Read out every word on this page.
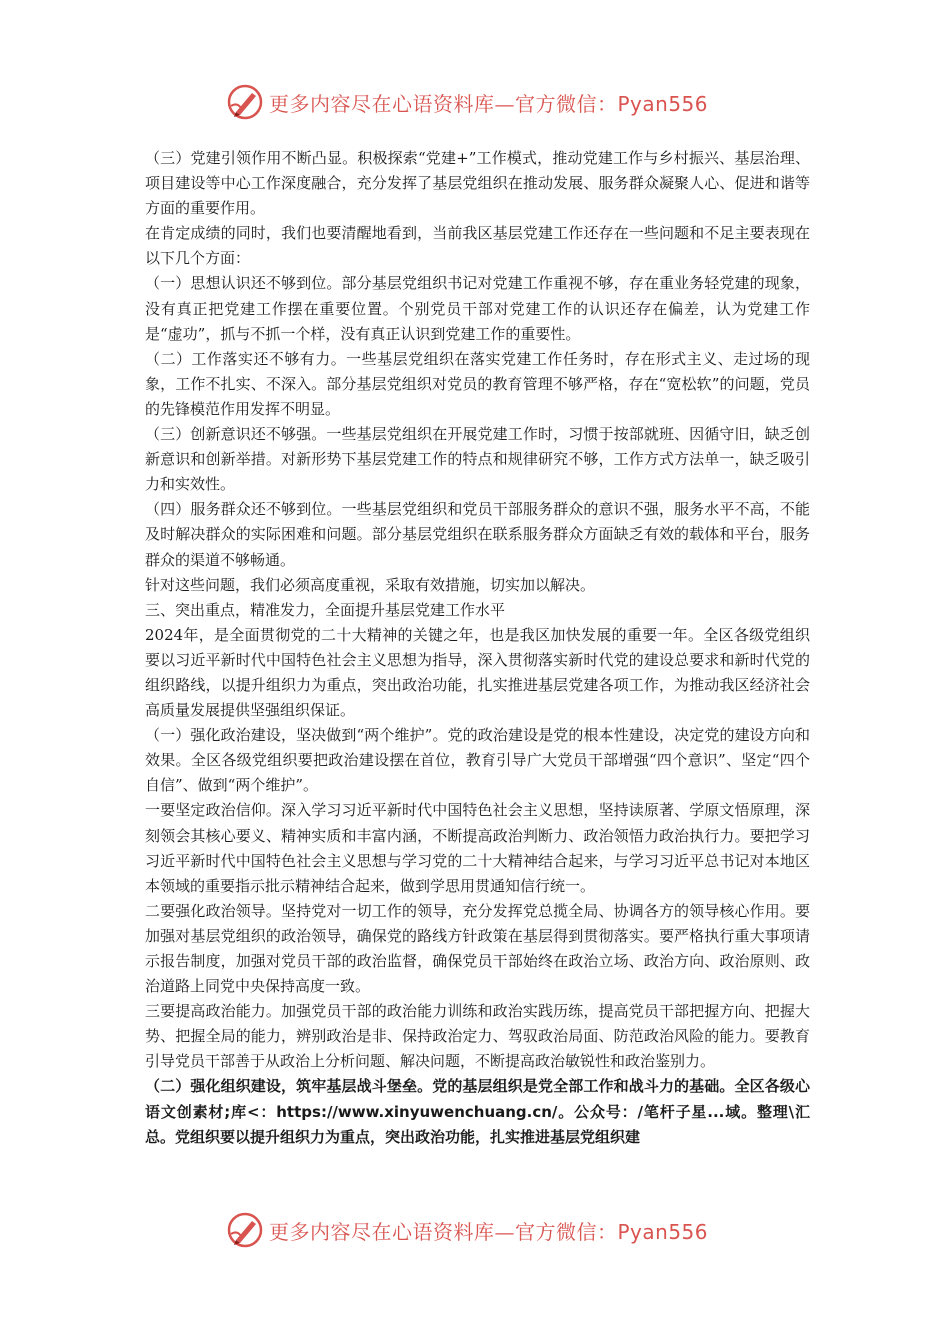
更多内容尽在心语资料库—官方微信：Pyan556

（三）党建引领作用不断凸显。积极探索“党建+”工作模式，推动党建工作与乡村振兴、基层治理、项目建设等中心工作深度融合，充分发挥了基层党组织在推动发展、服务群众凝聚人心、促进和谐等方面的重要作用。

在肯定成绩的同时，我们也要清醒地看到，当前我区基层党建工作还存在一些问题和不足主要表现在以下几个方面：

（一）思想认识还不够到位。部分基层党组织书记对党建工作重视不够，存在重业务轻党建的现象，没有真正把党建工作摆在重要位置。个别党员干部对党建工作的认识还存在偏差，认为党建工作是“虚功”，抓与不抓一个样，没有真正认识到党建工作的重要性。

（二）工作落实还不够有力。一些基层党组织在落实党建工作任务时，存在形式主义、走过场的现象，工作不扎实、不深入。部分基层党组织对党员的教育管理不够严格，存在“宽松软”的问题，党员的先锋模范作用发挥不明显。

（三）创新意识还不够强。一些基层党组织在开展党建工作时，习惯于按部就班、因循守旧，缺乏创新意识和创新举措。对新形势下基层党建工作的特点和规律研究不够，工作方式方法单一，缺乏吸引力和实效性。

（四）服务群众还不够到位。一些基层党组织和党员干部服务群众的意识不强，服务水平不高，不能及时解决群众的实际困难和问题。部分基层党组织在联系服务群众方面缺乏有效的载体和平台，服务群众的渠道不够畅通。

针对这些问题，我们必须高度重视，采取有效措施，切实加以解决。

三、突出重点，精准发力，全面提升基层党建工作水平

2024年，是全面贯彻党的二十大精神的关键之年，也是我区加快发展的重要一年。全区各级党组织要以习近平新时代中国特色社会主义思想为指导，深入贯彻落实新时代党的建设总要求和新时代党的组织路线，以提升组织力为重点，突出政治功能，扎实推进基层党建各项工作，为推动我区经济社会高质量发展提供坚强组织保证。

（一）强化政治建设，坚决做到“两个维护”。党的政治建设是党的根本性建设，决定党的建设方向和效果。全区各级党组织要把政治建设摆在首位，教育引导广大党员干部增强“四个意识”、坚定“四个自信”、做到“两个维护”。

一要坚定政治信仰。深入学习习近平新时代中国特色社会主义思想，坚持读原著、学原文悟原理，深刻领会其核心要义、精神实质和丰富内涵，不断提高政治判断力、政治领悟力政治执行力。要把学习习近平新时代中国特色社会主义思想与学习党的二十大精神结合起来，与学习习近平总书记对本地区本领域的重要指示批示精神结合起来，做到学思用贯通知信行统一。

二要强化政治领导。坚持党对一切工作的领导，充分发挥党总揽全局、协调各方的领导核心作用。要加强对基层党组织的政治领导，确保党的路线方针政策在基层得到贯彻落实。要严格执行重大事项请示报告制度，加强对党员干部的政治监督，确保党员干部始终在政治立场、政治方向、政治原则、政治道路上同党中央保持高度一致。

三要提高政治能力。加强党员干部的政治能力训练和政治实践历练，提高党员干部把握方向、把握大势、把握全局的能力，辨别政治是非、保持政治定力、驾驭政治局面、防范政治风险的能力。要教育引导党员干部善于从政治上分析问题、解决问题，不断提高政治敏锐性和政治鉴别力。

（二）强化组织建设，筑牢基层战斗堡垒。党的基层组织是党全部工作和战斗力的基础。全区各级心语文创素材;库<：https://www.xinyuwenchuang.cn/。公众号：/笔杆子星...域。整理\汇总。党组织要以提升组织力为重点，突出政治功能，扎实推进基层党组织建

更多内容尽在心语资料库—官方微信：Pyan556
